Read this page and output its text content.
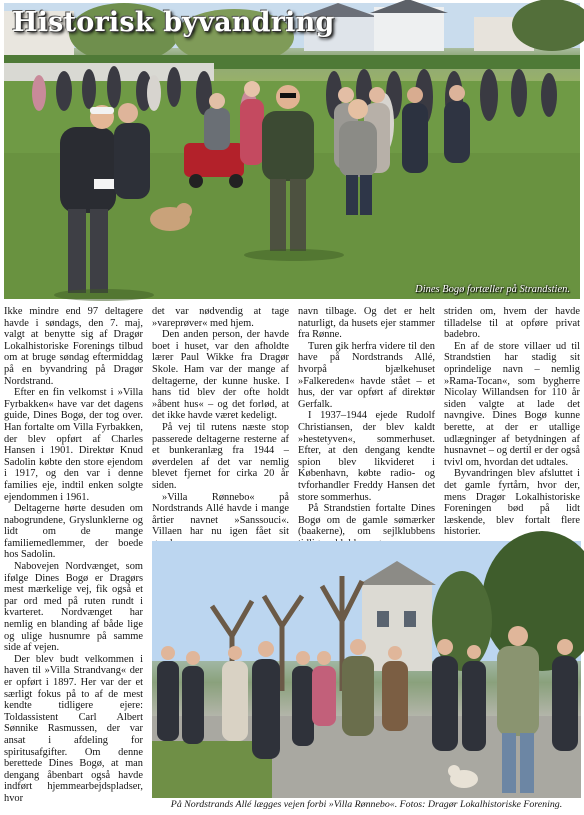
Historisk byvandring
Dines Bogø fortæller på Strandstien.

Ikke mindre end 97 deltagere havde i søndags, den 7. maj, valgt at benytte sig af Dragør Lokalhistoriske Forenings tilbud om at bruge søndag eftermiddag på en byvandring på Dragør Nordstrand.

Efter en fin velkomst i »Villa Fyrbakken« have var det dagens guide, Dines Bogø, der tog over. Han fortalte om Villa Fyrbakken, der blev opført af Charles Hansen i 1901. Direktør Knud Sadolin købte den store ejendom i 1917, og den var i denne families eje, indtil enken solgte ejendommen i 1961.

Deltagerne hørte desuden om nabogrundene, Gryslunklerne og lidt om de mange familiemedlemmer, der boede hos Sadolin.

Nabovejen Nordvænget, som ifølge Dines Bogø er Dragørs mest mærkelige vej, fik også et par ord med på ruten rundt i kvarteret. Nordvænget har nemlig en blanding af både lige og ulige husnumre på samme side af vejen.

Der blev budt velkommen i haven til »Villa Strandvang« der er opført i 1897. Her var der et særligt fokus på to af de mest kendte tidligere ejere: Toldassistent Carl Albert Sønnike Rasmussen, der var ansat i afdeling for spiritusafgifter. Om denne berettede Dines Bogø, at man dengang åbenbart også havde indført hjemmearbejdspladser, hvor

det var nødvendig at tage »vareprøver« med hjem.

Den anden person, der havde boet i huset, var den afholdte lærer Paul Wikke fra Dragør Skole. Ham var der mange af deltagerne, der kunne huske. I hans tid blev der ofte holdt »åbent hus« – og det forlød, at det ikke havde været kedeligt.

På vej til rutens næste stop passerede deltagerne resterne af et bunkeranlæg fra 1944 – øverdelen af det var nemlig blevet fjernet for cirka 20 år siden.

»Villa Rønnebo« på Nordstrands Allé havde i mange årtier navnet »Sanssouci«. Villaen har nu igen fået sit

navn tilbage. Og det er helt naturligt, da husets ejer stammer fra Rønne.

Turen gik herfra videre til den have på Nordstrands Allé, hvorpå bjælkehuset »Falkereden« havde stået – et hus, der var opført af direktør Gerfalk.

I 1937–1944 ejede Rudolf Christiansen, der blev kaldt »hestetyven«, sommerhuset. Efter, at den dengang kendte spion blev likvideret i København, købte radio- og tvforhandler Freddy Hansen det store sommerhus.

På Strandstien fortalte Dines Bogø om de gamle sømærker (baakerne), om sejlklubbens

striden om, hvem der havde tilladelse til at opføre privat badebro.

En af de store villaer ud til Strandstien har stadig sit oprindelige navn – nemlig »Rama-Tocan«, som bygherre Nicolay Willandsen for 110 år siden valgte at lade det navngive. Dines Bogø kunne berette, at der er utallige udlægninger af betydningen af husnavnet – og dertil er der også tvivl om, hvordan det udtales.

Byvandringen blev afsluttet i det gamle fyrtårn, hvor der, mens Dragør Lokalhistoriske Foreningen bød på lidt læskende, blev fortalt flere historier.

På Nordstrands Allé lægges vejen forbi »Villa Rønnebo«. Fotos: Dragør Lokalhistoriske Forening.
